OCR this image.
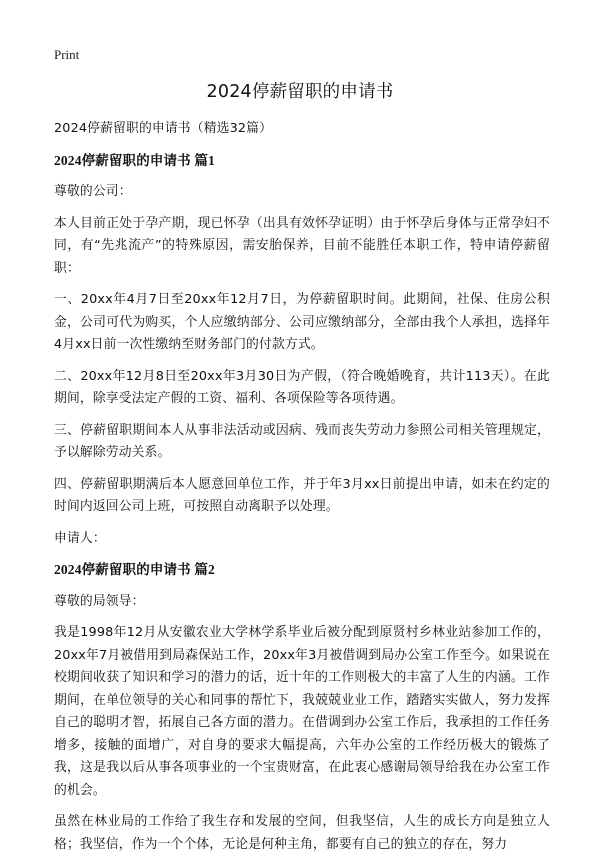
Print
2024停薪留职的申请书

2024停薪留职的申请书（精选32篇）

2024停薪留职的申请书 篇1

尊敬的公司：

本人目前正处于孕产期，现已怀孕（出具有效怀孕证明）由于怀孕后身体与正常孕妇不同，有“先兆流产”的特殊原因，需安胎保养，目前不能胜任本职工作，特申请停薪留职：

一、20xx年4月7日至20xx年12月7日，为停薪留职时间。此期间，社保、住房公积金，公司可代为购买，个人应缴纳部分、公司应缴纳部分，全部由我个人承担，选择年4月xx日前一次性缴纳至财务部门的付款方式。

二、20xx年12月8日至20xx年3月30日为产假，（符合晚婚晚育，共计113天）。在此期间，除享受法定产假的工资、福利、各项保险等各项待遇。

三、停薪留职期间本人从事非法活动或因病、残而丧失劳动力参照公司相关管理规定，予以解除劳动关系。

四、停薪留职期满后本人愿意回单位工作，并于年3月xx日前提出申请，如未在约定的时间内返回公司上班，可按照自动离职予以处理。

申请人：

2024停薪留职的申请书 篇2

尊敬的局领导：

我是1998年12月从安徽农业大学林学系毕业后被分配到原贤村乡林业站参加工作的，20xx年7月被借用到局森保站工作，20xx年3月被借调到局办公室工作至今。如果说在校期间收获了知识和学习的潜力的话，近十年的工作则极大的丰富了人生的内涵。工作期间，在单位领导的关心和同事的帮忙下，我兢兢业业工作，踏踏实实做人，努力发挥自己的聪明才智，拓展自己各方面的潜力。在借调到办公室工作后，我承担的工作任务增多，接触的面增广，对自身的要求大幅提高，六年办公室的工作经历极大的锻炼了我，这是我以后从事各项事业的一个宝贵财富，在此衷心感谢局领导给我在办公室工作的机会。

虽然在林业局的工作给了我生存和发展的空间，但我坚信，人生的成长方向是独立人格；我坚信，作为一个个体，无论是何种主角，都要有自己的独立的存在，努力
